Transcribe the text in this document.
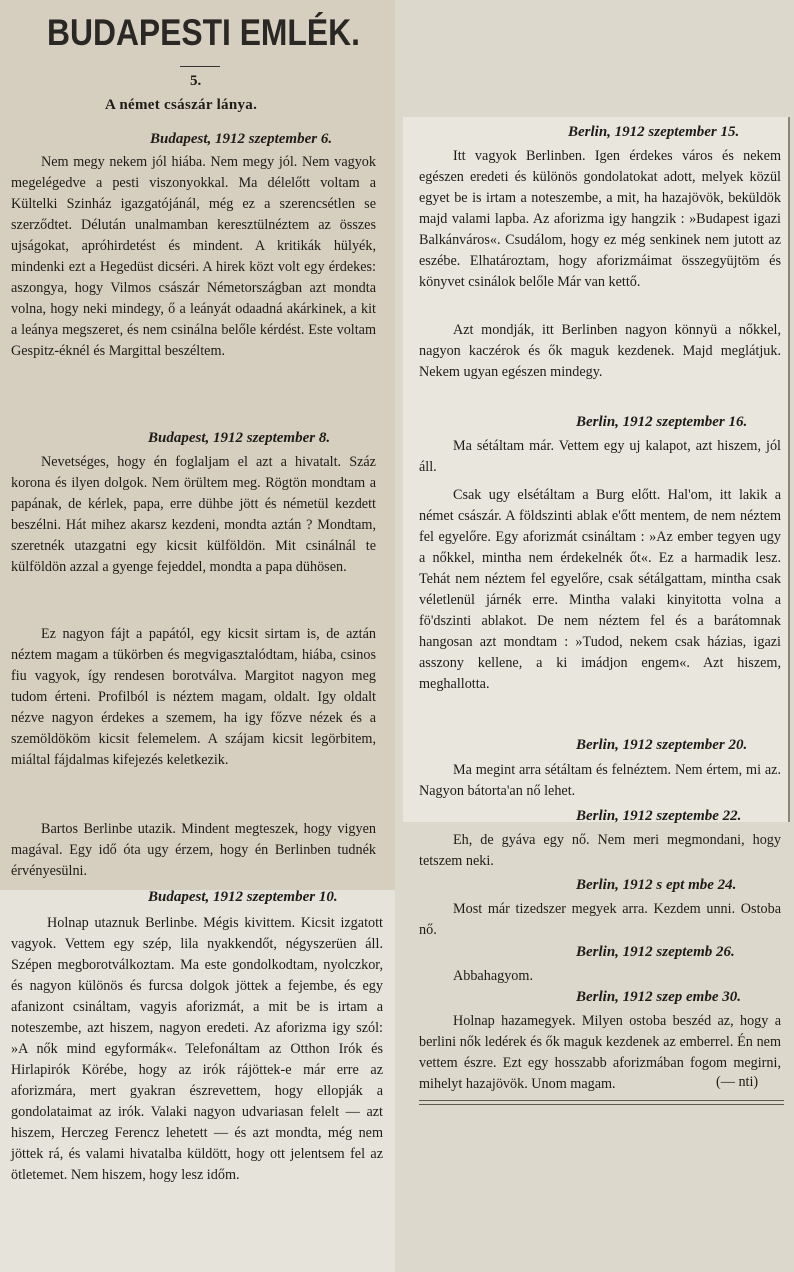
BUDAPESTI EMLÉK.
5.
A német császár lánya.
Budapest, 1912 szeptember 6.

Nem megy nekem jól hiába. Nem megy jól. Nem vagyok megelégedve a pesti viszonyokkal. Ma délelőtt voltam a Kültelki Szinház igazgatójánál, még ez a szerencsétlen se szerződtet. Délután unalmamban keresztülnéztem az összes ujságokat, apróhirdetést és mindent. A kritikák hülyék, mindenki ezt a Hegedüst dicséri. A hirek közt volt egy érdekes: aszongya, hogy Vilmos császár Németországban azt mondta volna, hogy neki mindegy, ő a leányát odaadná akárkinek, a kit a leánya megszeret, és nem csinálna belőle kérdést. Este voltam Gespitz-éknél és Margittal beszéltem.

Budapest, 1912 szeptember 8.

Nevetséges, hogy én foglaljam el azt a hivatalt. Száz korona és ilyen dolgok. Nem örültem meg. Rögtön mondtam a papának, de kérlek, papa, erre dühbe jött és németül kezdett beszélni. Hát mihez akarsz kezdeni, mondta aztán ? Mondtam, szeretnék utazgatni egy kicsit külföldön. Mit csinálnál te külföldön azzal a gyenge fejeddel, mondta a papa dühösen.

Ez nagyon fájt a papától, egy kicsit sirtam is, de aztán néztem magam a tükörben és megvigasztalódtam, hiába, csinos fiu vagyok, így rendesen borotválva. Margitot nagyon meg tudom érteni. Profilból is néztem magam, oldalt. Igy oldalt nézve nagyon érdekes a szemem, ha igy főzve nézek és a szemöldököm kicsit felemelem. A szájam kicsit legörbitem, miáltal fájdalmas kifejezés keletkezik.

Bartos Berlinbe utazik. Mindent megteszek, hogy vigyen magával. Egy idő óta ugy érzem, hogy én Berlinben tudnék érvényesülni.

Budapest, 1912 szeptember 10.

Holnap utaznuk Berlinbe. Mégis kivittem. Kicsit izgatott vagyok. Vettem egy szép, lila nyakkendőt, négyszerüen áll. Szépen megborotválkoztam. Ma este gondolkodtam, nyolczkor, és nagyon különös és furcsa dolgok jöttek a fejembe, és egy afanizont csináltam, vagyis aforizmát, a mit be is irtam a noteszembe, azt hiszem, nagyon eredeti. Az aforizma igy szól: »A nők mind egyformák«. Telefonáltam az Otthon Irók és Hirlapirók Körébe, hogy az irók rájöttek-e már erre az aforizmára, mert gyakran észrevettem, hogy ellopják a gondolataimat az irók. Valaki nagyon udvariasan felelt — azt hiszem, Herczeg Ferencz lehetett — és azt mondta, még nem jöttek rá, és valami hivatalba küldött, hogy ott jelentsem fel az ötletemet. Nem hiszem, hogy lesz időm.

Berlin, 1912 szeptember 15.

Itt vagyok Berlinben. Igen érdekes város és nekem egészen eredeti és különös gondolatokat adott, melyek közül egyet be is irtam a noteszembe, a mit, ha hazajövök, beküldök majd valami lapba. Az aforizma igy hangzik : »Budapest igazi Balkánváros«. Csudálom, hogy ez még senkinek nem jutott az eszébe. Elhatároztam, hogy aforizmáimat összegyüjtöm és könyvet csinálok belőle Már van kettő.

Azt mondják, itt Berlinben nagyon könnyü a nőkkel, nagyon kaczérok és ők maguk kezdenek. Majd meglátjuk. Nekem ugyan egészen mindegy.

Berlin, 1912 szeptember 16.

Ma sétáltam már. Vettem egy uj kalapot, azt hiszem, jól áll.

Csak ugy elsétáltam a Burg előtt. Hal'om, itt lakik a német császár. A földszinti ablak e'őtt mentem, de nem néztem fel egyelőre. Egy aforizmát csináltam : »Az ember tegyen ugy a nőkkel, mintha nem érdekelnék őt«. Ez a harmadik lesz. Tehát nem néztem fel egyelőre, csak sétálgattam, mintha csak véletlenül járnék erre. Mintha valaki kinyitotta volna a fö'dszinti ablakot. De nem néztem fel és a barátomnak hangosan azt mondtam : »Tudod, nekem csak házias, igazi asszony kellene, a ki imádjon engem«. Azt hiszem, meghallotta.

Berlin, 1912 szeptember 20.

Ma megint arra sétáltam és felnéztem. Nem értem, mi az. Nagyon bátorta'an nő lehet.

Berlin, 1912 szeptembe 22.

Eh, de gyáva egy nő. Nem meri megmondani, hogy tetszem neki.

Berlin, 1912 s ept mbe 24.

Most már tizedszer megyek arra. Kezdem unni. Ostoba nő.

Berlin, 1912 szeptemb 26.

Abbahagyom.

Berlin, 1912 szep embe 30.

Holnap hazamegyek. Milyen ostoba beszéd az, hogy a berlini nők ledérek és ők maguk kezdenek az emberrel. Én nem vettem észre. Ezt egy hosszabb aforizmában fogom megirni, mihelyt hazajövök. Unom magam.	(— nti)
